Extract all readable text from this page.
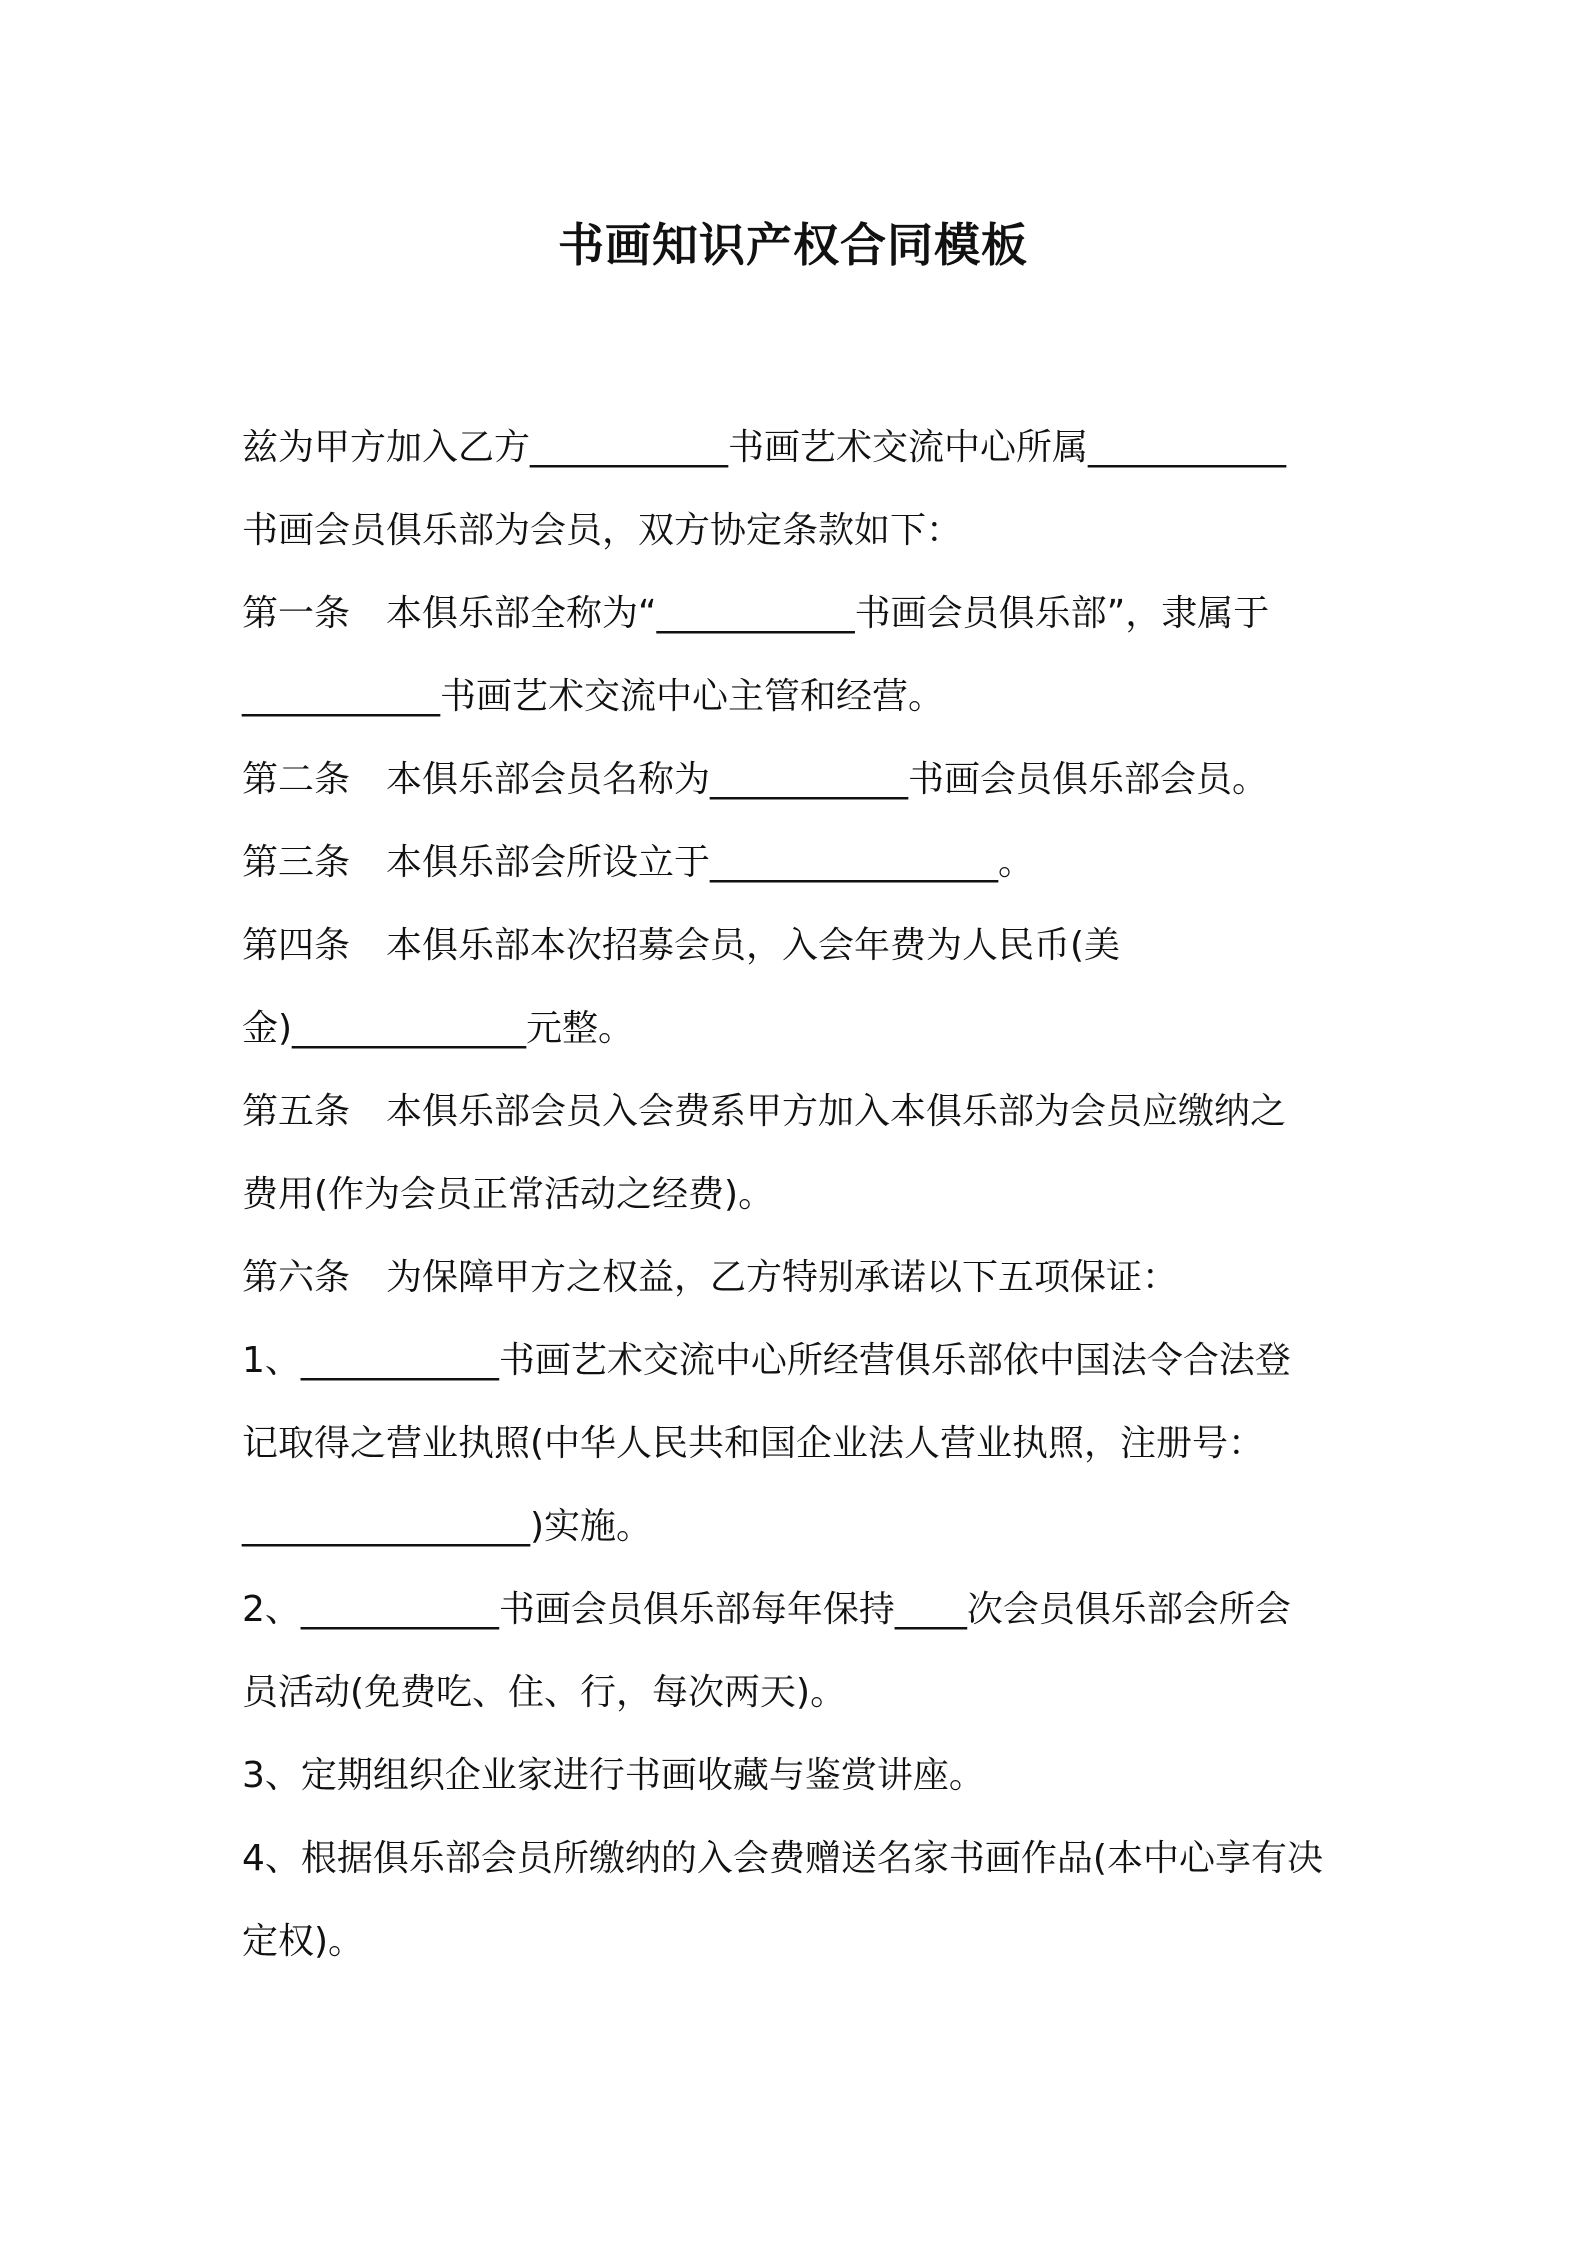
书画知识产权合同模板

兹为甲方加入乙方___________书画艺术交流中心所属___________

书画会员俱乐部为会员，双方协定条款如下：

第一条　本俱乐部全称为“___________书画会员俱乐部”，隶属于

___________书画艺术交流中心主管和经营。

第二条　本俱乐部会员名称为___________书画会员俱乐部会员。

第三条　本俱乐部会所设立于________________。

第四条　本俱乐部本次招募会员，入会年费为人民币(美

金)_____________元整。

第五条　本俱乐部会员入会费系甲方加入本俱乐部为会员应缴纳之

费用(作为会员正常活动之经费)。

第六条　为保障甲方之权益，乙方特别承诺以下五项保证：

1、___________书画艺术交流中心所经营俱乐部依中国法令合法登

记取得之营业执照(中华人民共和国企业法人营业执照，注册号：

________________)实施。

2、___________书画会员俱乐部每年保持____次会员俱乐部会所会

员活动(免费吃、住、行，每次两天)。

3、定期组织企业家进行书画收藏与鉴赏讲座。

4、根据俱乐部会员所缴纳的入会费赠送名家书画作品(本中心享有决

定权)。
